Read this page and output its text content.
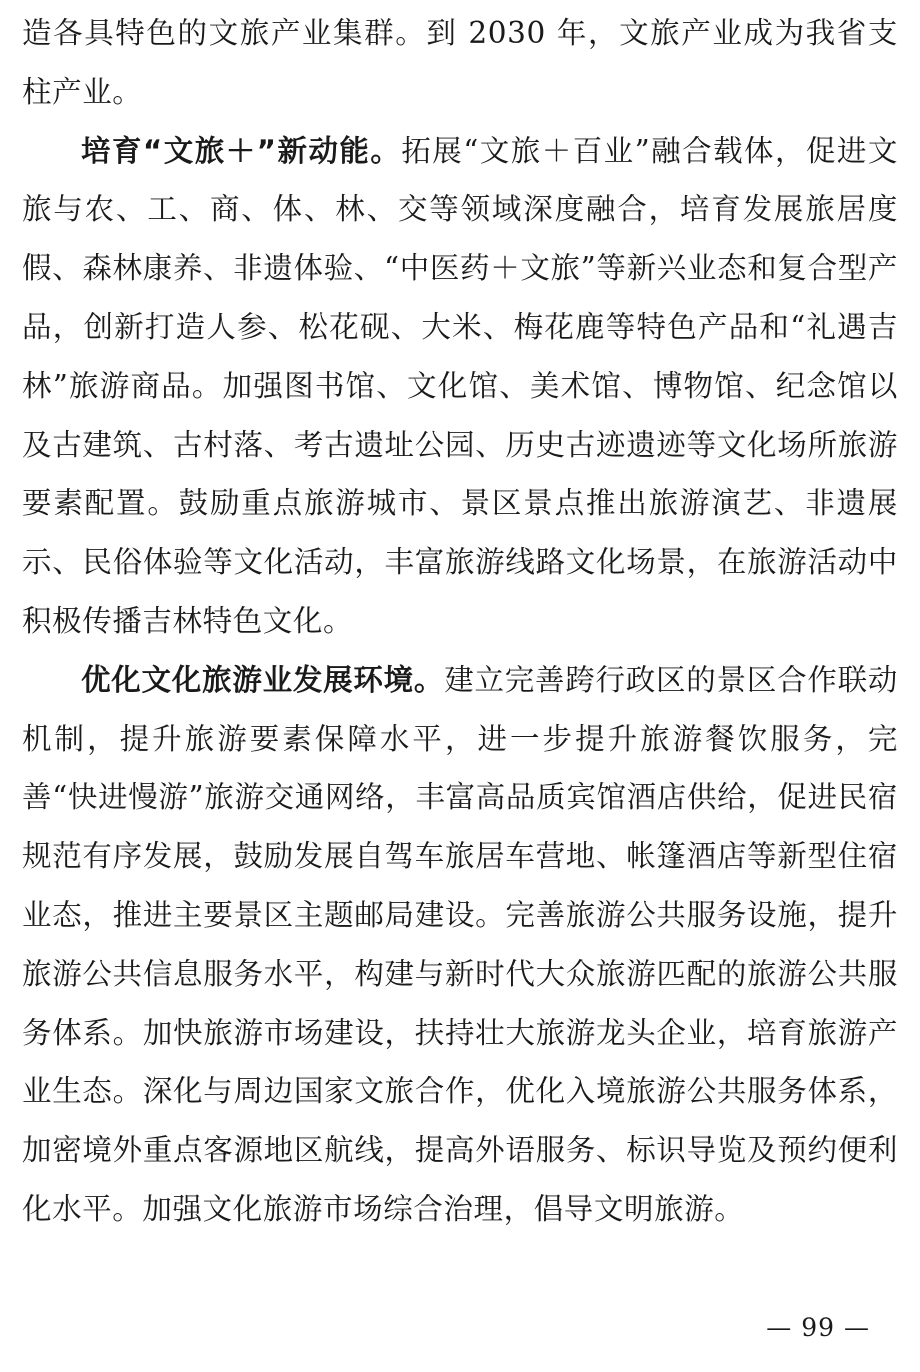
造各具特色的文旅产业集群。到 2030 年，文旅产业成为我省支柱产业。

培育“文旅＋”新动能。拓展“文旅＋百业”融合载体，促进文旅与农、工、商、体、林、交等领域深度融合，培育发展旅居度假、森林康养、非遗体验、“中医药＋文旅”等新兴业态和复合型产品，创新打造人参、松花砚、大米、梅花鹿等特色产品和“礼遇吉林”旅游商品。加强图书馆、文化馆、美术馆、博物馆、纪念馆以及古建筑、古村落、考古遗址公园、历史古迹遗迹等文化场所旅游要素配置。鼓励重点旅游城市、景区景点推出旅游演艺、非遗展示、民俗体验等文化活动，丰富旅游线路文化场景，在旅游活动中积极传播吉林特色文化。

优化文化旅游业发展环境。建立完善跨行政区的景区合作联动机制，提升旅游要素保障水平，进一步提升旅游餐饮服务，完善“快进慢游”旅游交通网络，丰富高品质宾馆酒店供给，促进民宿规范有序发展，鼓励发展自驾车旅居车营地、帐篷酒店等新型住宿业态，推进主要景区主题邮局建设。完善旅游公共服务设施，提升旅游公共信息服务水平，构建与新时代大众旅游匹配的旅游公共服务体系。加快旅游市场建设，扶持壮大旅游龙头企业，培育旅游产业生态。深化与周边国家文旅合作，优化入境旅游公共服务体系，加密境外重点客源地区航线，提高外语服务、标识导览及预约便利化水平。加强文化旅游市场综合治理，倡导文明旅游。

— 99 —
